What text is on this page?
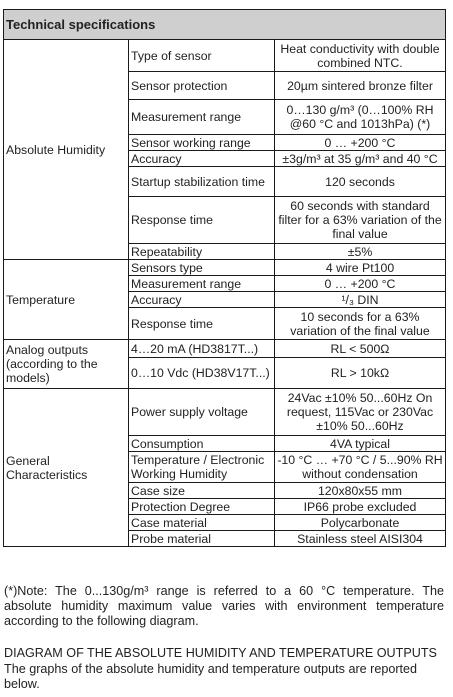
Technical specifications		
Absolute Humidity	Type of sensor	Heat conductivity with double combined NTC.
	Sensor protection	20µm sintered bronze filter
	Measurement range	0…130 g/m³ (0…100% RH @60 °C and 1013hPa) (*)
	Sensor working range	0 … +200 °C
	Accuracy	±3g/m³ at 35 g/m³ and 40 °C
	Startup stabilization time	120 seconds
	Response time	60 seconds with standard filter for a 63% variation of the final value
	Repeatability	±5%
Temperature	Sensors type	4 wire Pt100
	Measurement range	0 … +200 °C
	Accuracy	¹/₃ DIN
	Response time	10 seconds for a 63% variation of the final value
Analog outputs (according to the models)	4…20 mA (HD3817T...)	RL < 500Ω
	0…10 Vdc (HD38V17T...)	RL > 10kΩ
General Characteristics	Power supply voltage	24Vac ±10% 50...60Hz On request, 115Vac or 230Vac ±10% 50...60Hz
	Consumption	4VA typical
	Temperature / Electronic Working Humidity	-10 °C … +70 °C / 5...90% RH without condensation
	Case size	120x80x55 mm
	Protection Degree	IP66 probe excluded
	Case material	Polycarbonate
	Probe material	Stainless steel AISI304
(*)Note: The 0...130g/m³ range is referred to a 60 °C temperature. The absolute humidity maximum value varies with environment temperature according to the following diagram.
DIAGRAM OF THE ABSOLUTE HUMIDITY AND TEMPERATURE OUTPUTS
The graphs of the absolute humidity and temperature outputs are reported below.
